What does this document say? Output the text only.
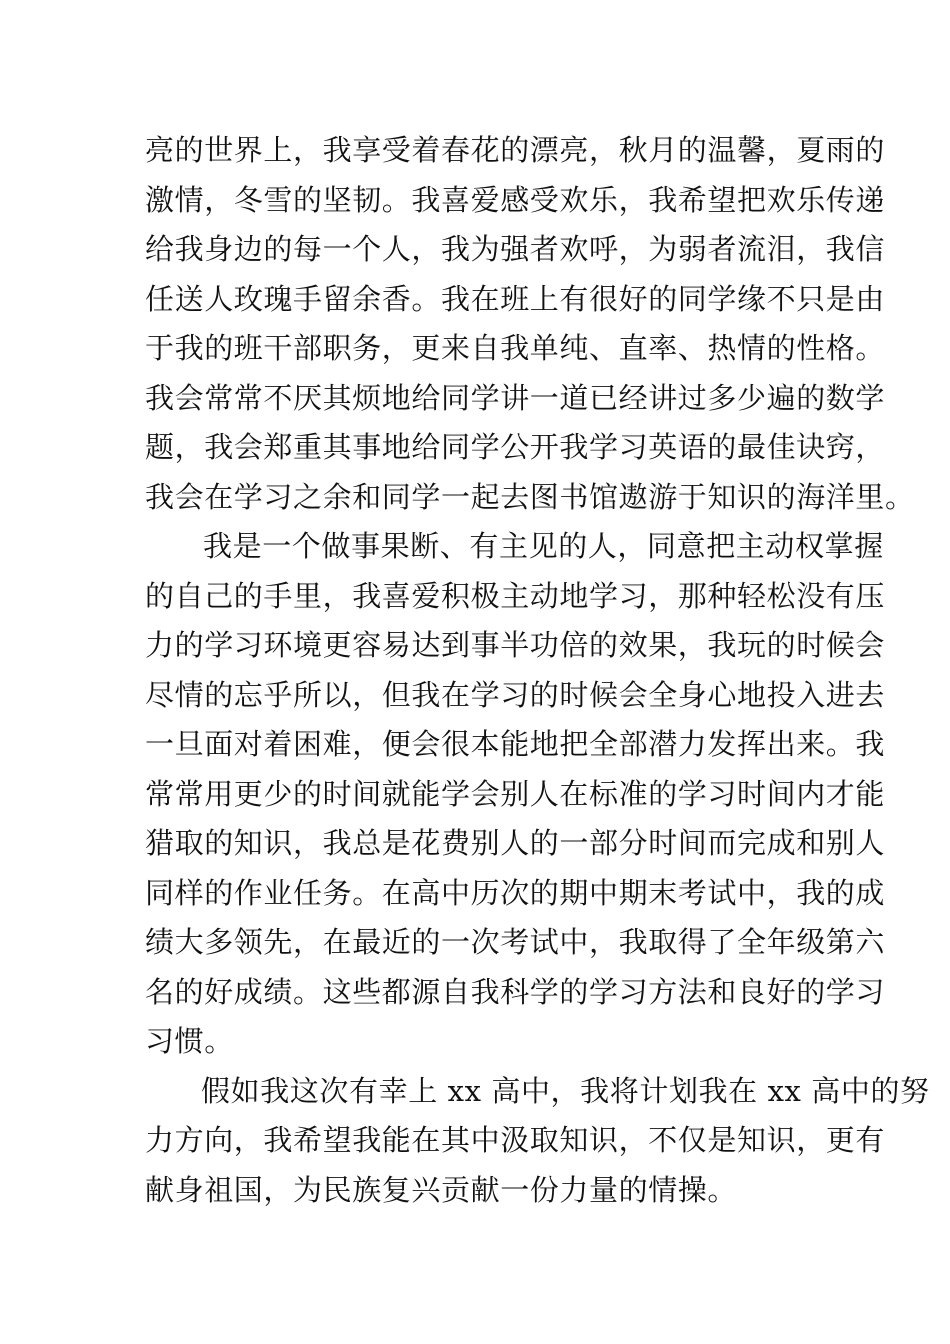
亮的世界上，我享受着春花的漂亮，秋月的温馨，夏雨的
激情，冬雪的坚韧。我喜爱感受欢乐，我希望把欢乐传递
给我身边的每一个人，我为强者欢呼，为弱者流泪，我信
任送人玫瑰手留余香。我在班上有很好的同学缘不只是由
于我的班干部职务，更来自我单纯、直率、热情的性格。
我会常常不厌其烦地给同学讲一道已经讲过多少遍的数学
题，我会郑重其事地给同学公开我学习英语的最佳诀窍，
我会在学习之余和同学一起去图书馆遨游于知识的海洋里。
我是一个做事果断、有主见的人，同意把主动权掌握
的自己的手里，我喜爱积极主动地学习，那种轻松没有压
力的学习环境更容易达到事半功倍的效果，我玩的时候会
尽情的忘乎所以，但我在学习的时候会全身心地投入进去
一旦面对着困难，便会很本能地把全部潜力发挥出来。我
常常用更少的时间就能学会别人在标准的学习时间内才能
猎取的知识，我总是花费别人的一部分时间而完成和别人
同样的作业任务。在高中历次的期中期末考试中，我的成
绩大多领先，在最近的一次考试中，我取得了全年级第六
名的好成绩。这些都源自我科学的学习方法和良好的学习
习惯。
假如我这次有幸上 xx 高中，我将计划我在 xx 高中的努
力方向，我希望我能在其中汲取知识，不仅是知识，更有
献身祖国，为民族复兴贡献一份力量的情操。
